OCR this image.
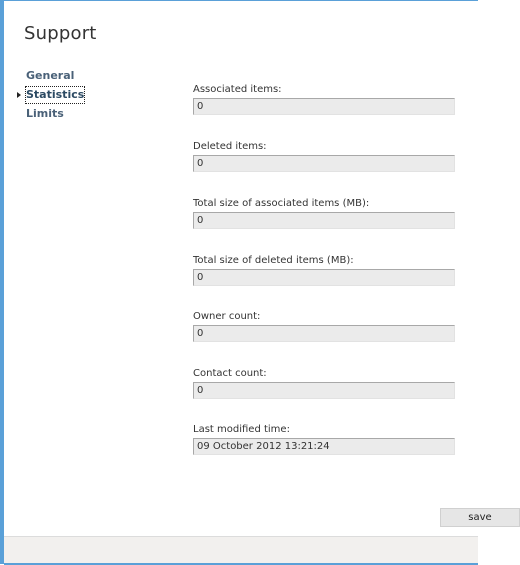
Support
General
Statistics
Limits
Associated items:
0
Deleted items:
0
Total size of associated items (MB):
0
Total size of deleted items (MB):
0
Owner count:
0
Contact count:
0
Last modified time:
09 October 2012 13:21:24
save
